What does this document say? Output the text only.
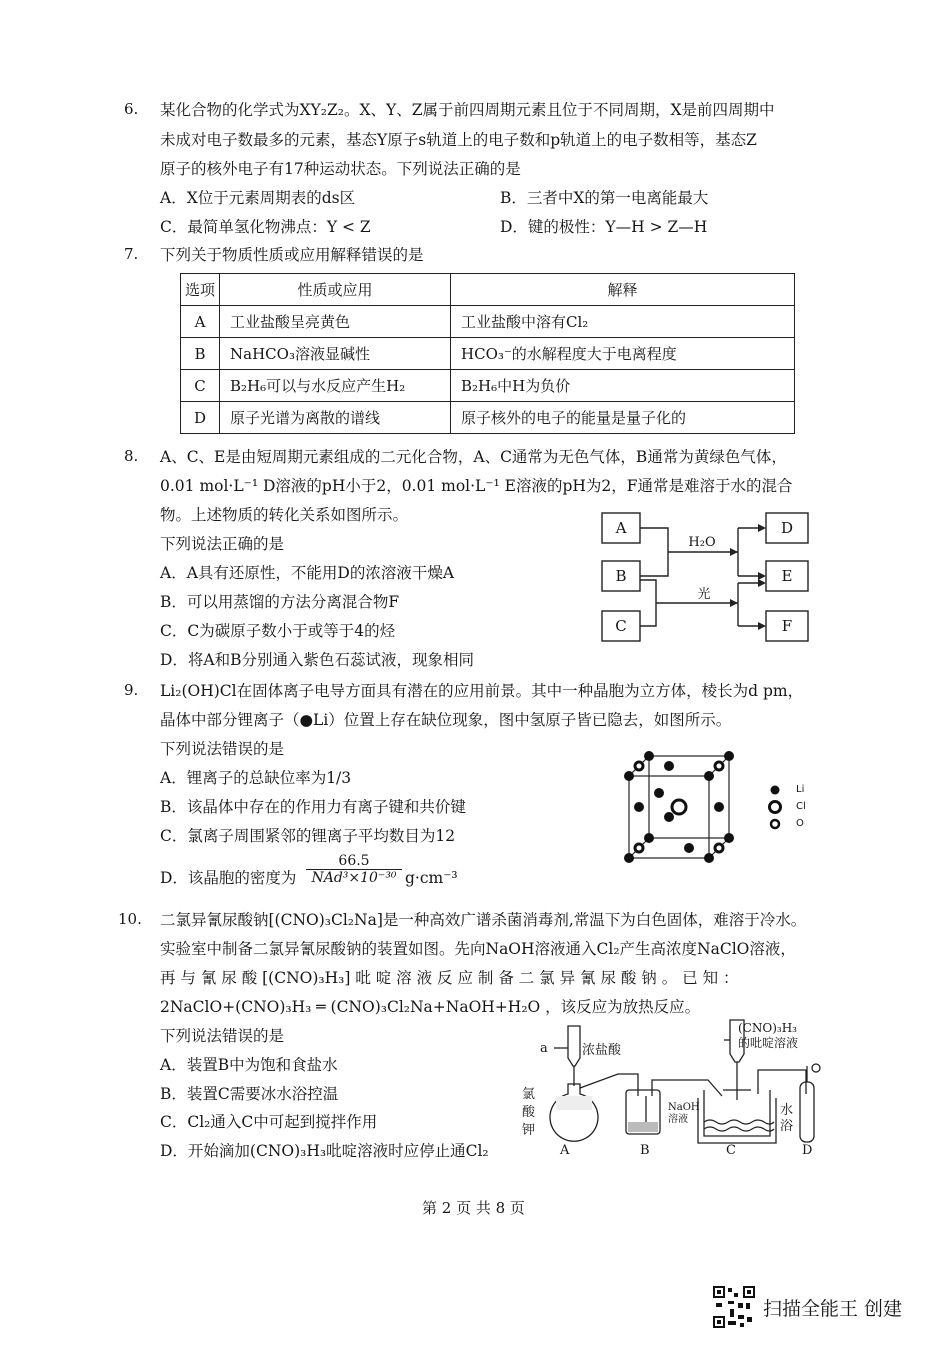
6. 某化合物的化学式为XY₂Z₂。X、Y、Z属于前四周期元素且位于不同周期，X是前四周期中
未成对电子数最多的元素，基态Y原子s轨道上的电子数和p轨道上的电子数相等，基态Z
原子的核外电子有17种运动状态。下列说法正确的是
A．X位于元素周期表的ds区	B．三者中X的第一电离能最大
C．最简单氢化物沸点：Y < Z	D．键的极性：Y—H > Z—H
7. 下列关于物质性质或应用解释错误的是
选项	性质或应用	解释
A	工业盐酸呈亮黄色	工业盐酸中溶有Cl₂
B	NaHCO₃溶液显碱性	HCO₃⁻的水解程度大于电离程度
C	B₂H₆可以与水反应产生H₂	B₂H₆中H为负价
D	原子光谱为离散的谱线	原子核外的电子的能量是量子化的
8. A、C、E是由短周期元素组成的二元化合物，A、C通常为无色气体，B通常为黄绿色气体，
0.01 mol·L⁻¹ D溶液的pH小于2，0.01 mol·L⁻¹ E溶液的pH为2，F通常是难溶于水的混合
物。上述物质的转化关系如图所示。
下列说法正确的是
A．A具有还原性，不能用D的浓溶液干燥A
B．可以用蒸馏的方法分离混合物F
C．C为碳原子数小于或等于4的烃
D．将A和B分别通入紫色石蕊试液，现象相同
A
B
C
D
E
F
H₂O
光
9. Li₂(OH)Cl在固体离子电导方面具有潜在的应用前景。其中一种晶胞为立方体，棱长为d pm，
晶体中部分锂离子（●Li）位置上存在缺位现象，图中氢原子皆已隐去，如图所示。
下列说法错误的是
A．锂离子的总缺位率为1/3
B．该晶体中存在的作用力有离子键和共价键
C．氯离子周围紧邻的锂离子平均数目为12
D．该晶胞的密度为
66.5
NAd³×10⁻³⁰ g·cm⁻³
Li
Cl
O
10. 二氯异氰尿酸钠[(CNO)₃Cl₂Na]是一种高效广谱杀菌消毒剂,常温下为白色固体，难溶于冷水。
实验室中制备二氯异氰尿酸钠的装置如图。先向NaOH溶液通入Cl₂产生高浓度NaClO溶液，
再 与 氰 尿 酸 [(CNO)₃H₃] 吡 啶 溶 液 反 应 制 备 二 氯 异 氰 尿 酸 钠 。 已 知 ：
2NaClO+(CNO)₃H₃ ═ (CNO)₃Cl₂Na+NaOH+H₂O ，该反应为放热反应。
下列说法错误的是
A．装置B中为饱和食盐水
B．装置C需要冰水浴控温
C．Cl₂通入C中可起到搅拌作用
D．开始滴加(CNO)₃H₃吡啶溶液时应停止通Cl₂
a	浓盐酸
氯
酸
钾
(CNO)₃H₃
的吡啶溶液
NaOH
溶液
水
浴
A	B	C	D
第 2 页 共 8 页
扫描全能王 创建
